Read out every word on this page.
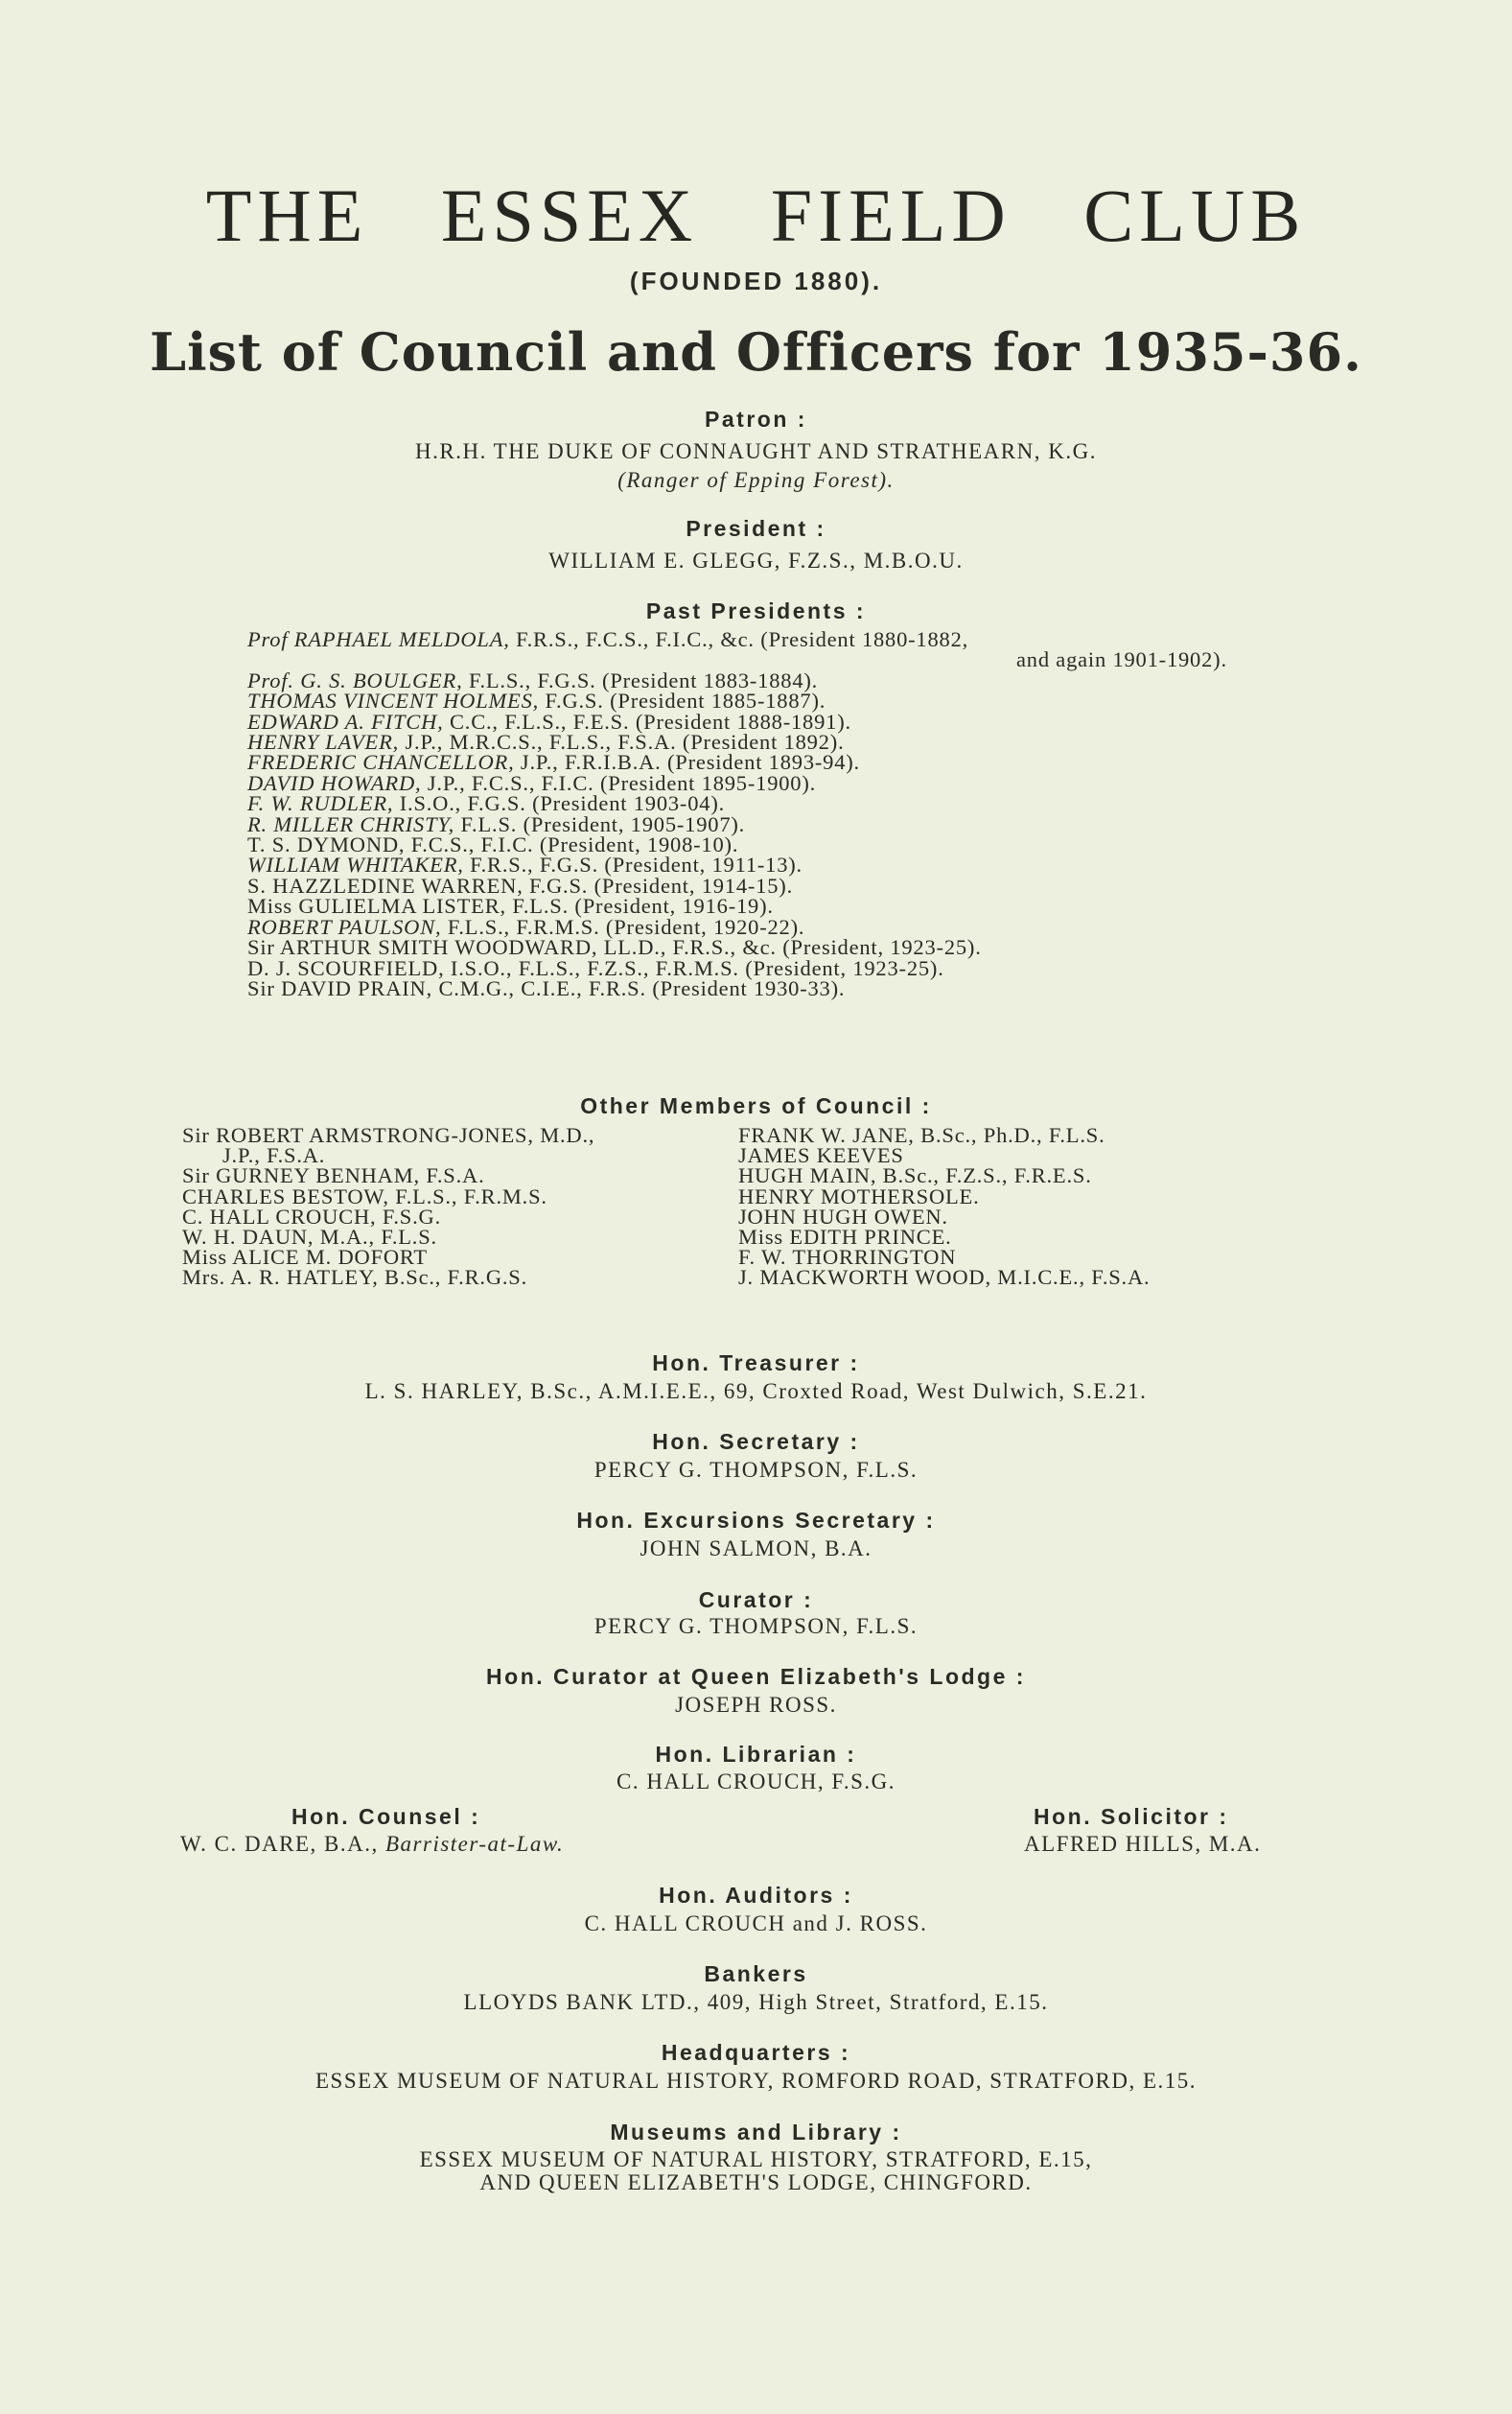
THE ESSEX FIELD CLUB
(FOUNDED 1880).
List of Council and Officers for 1935-36.
Patron :
H.R.H. THE DUKE OF CONNAUGHT AND STRATHEARN, K.G.
(Ranger of Epping Forest).
President :
WILLIAM E. GLEGG, F.Z.S., M.B.O.U.
Past Presidents :
Prof RAPHAEL MELDOLA, F.R.S., F.C.S., F.I.C., &c. (President 1880-1882,
and again 1901-1902).
Prof. G. S. BOULGER, F.L.S., F.G.S. (President 1883-1884).
THOMAS VINCENT HOLMES, F.G.S. (President 1885-1887).
EDWARD A. FITCH, C.C., F.L.S., F.E.S. (President 1888-1891).
HENRY LAVER, J.P., M.R.C.S., F.L.S., F.S.A. (President 1892).
FREDERIC CHANCELLOR, J.P., F.R.I.B.A. (President 1893-94).
DAVID HOWARD, J.P., F.C.S., F.I.C. (President 1895-1900).
F. W. RUDLER, I.S.O., F.G.S. (President 1903-04).
R. MILLER CHRISTY, F.L.S. (President, 1905-1907).
T. S. DYMOND, F.C.S., F.I.C. (President, 1908-10).
WILLIAM WHITAKER, F.R.S., F.G.S. (President, 1911-13).
S. HAZZLEDINE WARREN, F.G.S. (President, 1914-15).
Miss GULIELMA LISTER, F.L.S. (President, 1916-19).
ROBERT PAULSON, F.L.S., F.R.M.S. (President, 1920-22).
Sir ARTHUR SMITH WOODWARD, LL.D., F.R.S., &c. (President, 1923-25).
D. J. SCOURFIELD, I.S.O., F.L.S., F.Z.S., F.R.M.S. (President, 1923-25).
Sir DAVID PRAIN, C.M.G., C.I.E., F.R.S. (President 1930-33).
Other Members of Council :
Sir ROBERT ARMSTRONG-JONES, M.D.,
J.P., F.S.A.
Sir GURNEY BENHAM, F.S.A.
CHARLES BESTOW, F.L.S., F.R.M.S.
C. HALL CROUCH, F.S.G.
W. H. DAUN, M.A., F.L.S.
Miss ALICE M. DOFORT
Mrs. A. R. HATLEY, B.Sc., F.R.G.S.
FRANK W. JANE, B.Sc., Ph.D., F.L.S.
JAMES KEEVES
HUGH MAIN, B.Sc., F.Z.S., F.R.E.S.
HENRY MOTHERSOLE.
JOHN HUGH OWEN.
Miss EDITH PRINCE.
F. W. THORRINGTON
J. MACKWORTH WOOD, M.I.C.E., F.S.A.
Hon. Treasurer :
L. S. HARLEY, B.Sc., A.M.I.E.E., 69, Croxted Road, West Dulwich, S.E.21.
Hon. Secretary :
PERCY G. THOMPSON, F.L.S.
Hon. Excursions Secretary :
JOHN SALMON, B.A.
Curator :
PERCY G. THOMPSON, F.L.S.
Hon. Curator at Queen Elizabeth's Lodge :
JOSEPH ROSS.
Hon. Librarian :
C. HALL CROUCH, F.S.G.
Hon. Counsel :
W. C. DARE, B.A., Barrister-at-Law.
Hon. Solicitor :
ALFRED HILLS, M.A.
Hon. Auditors :
C. HALL CROUCH and J. ROSS.
Bankers
LLOYDS BANK LTD., 409, High Street, Stratford, E.15.
Headquarters :
ESSEX MUSEUM OF NATURAL HISTORY, ROMFORD ROAD, STRATFORD, E.15.
Museums and Library :
ESSEX MUSEUM OF NATURAL HISTORY, STRATFORD, E.15,
AND QUEEN ELIZABETH'S LODGE, CHINGFORD.
